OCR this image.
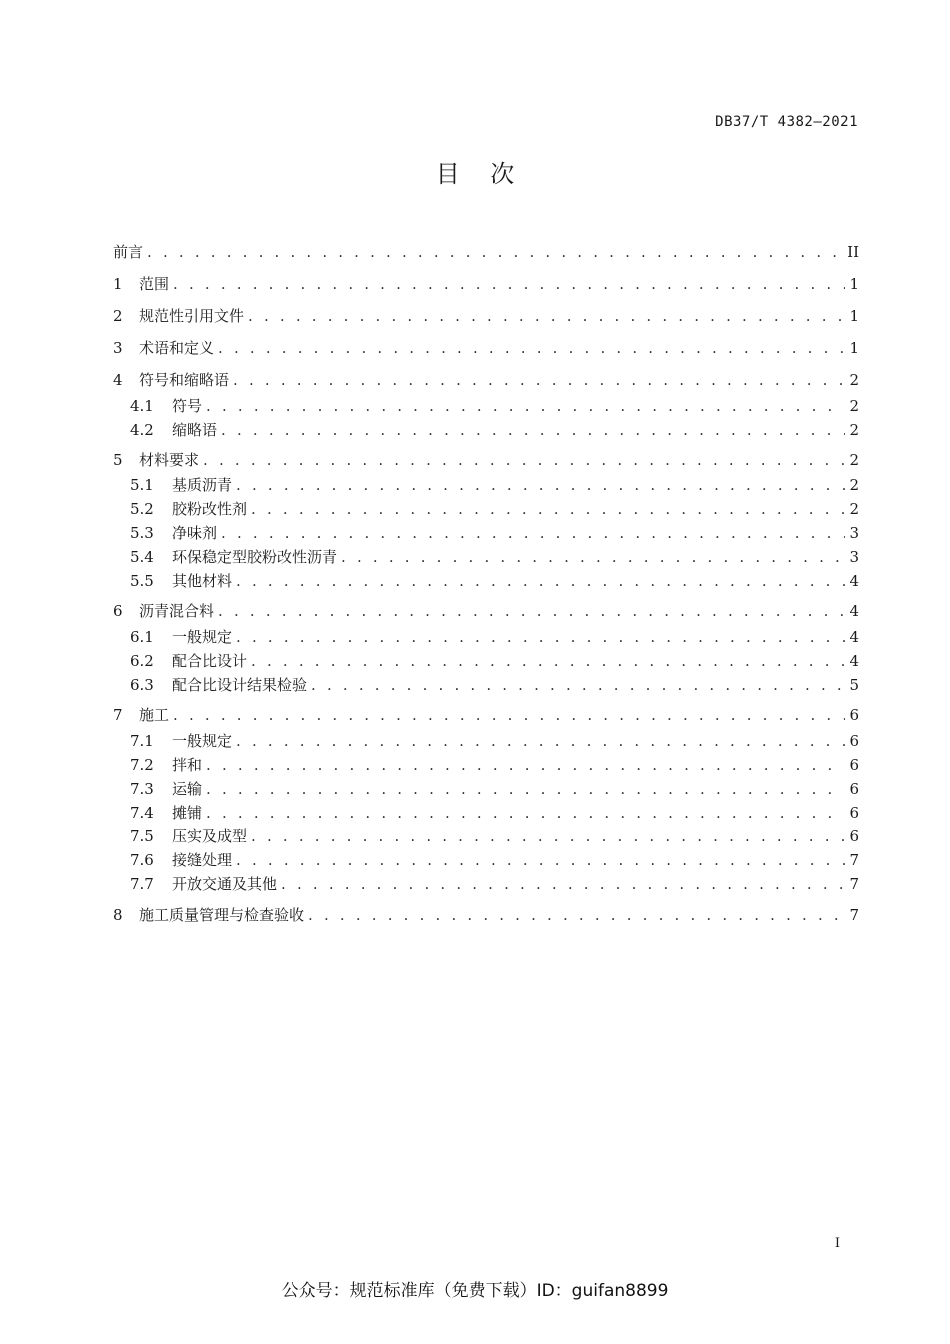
DB37/T 4382—2021
目    次
前言 . . .	II
1	范围 . . .	1
2	规范性引用文件 . . .	1
3	术语和定义 . . .	1
4	符号和缩略语 . . .	2
4.1	符号 . . .	2
4.2	缩略语 . . .	2
5	材料要求 . . .	2
5.1	基质沥青 . . .	2
5.2	胶粉改性剂 . . .	2
5.3	净味剂 . . .	3
5.4	环保稳定型胶粉改性沥青 . . .	3
5.5	其他材料 . . .	4
6	沥青混合料 . . .	4
6.1	一般规定 . . .	4
6.2	配合比设计 . . .	4
6.3	配合比设计结果检验 . . .	5
7	施工 . . .	6
7.1	一般规定 . . .	6
7.2	拌和 . . .	6
7.3	运输 . . .	6
7.4	摊铺 . . .	6
7.5	压实及成型 . . .	6
7.6	接缝处理 . . .	7
7.7	开放交通及其他 . . .	7
8	施工质量管理与检查验收 . . .	7
I
公众号：规范标准库（免费下载）ID：guifan8899
